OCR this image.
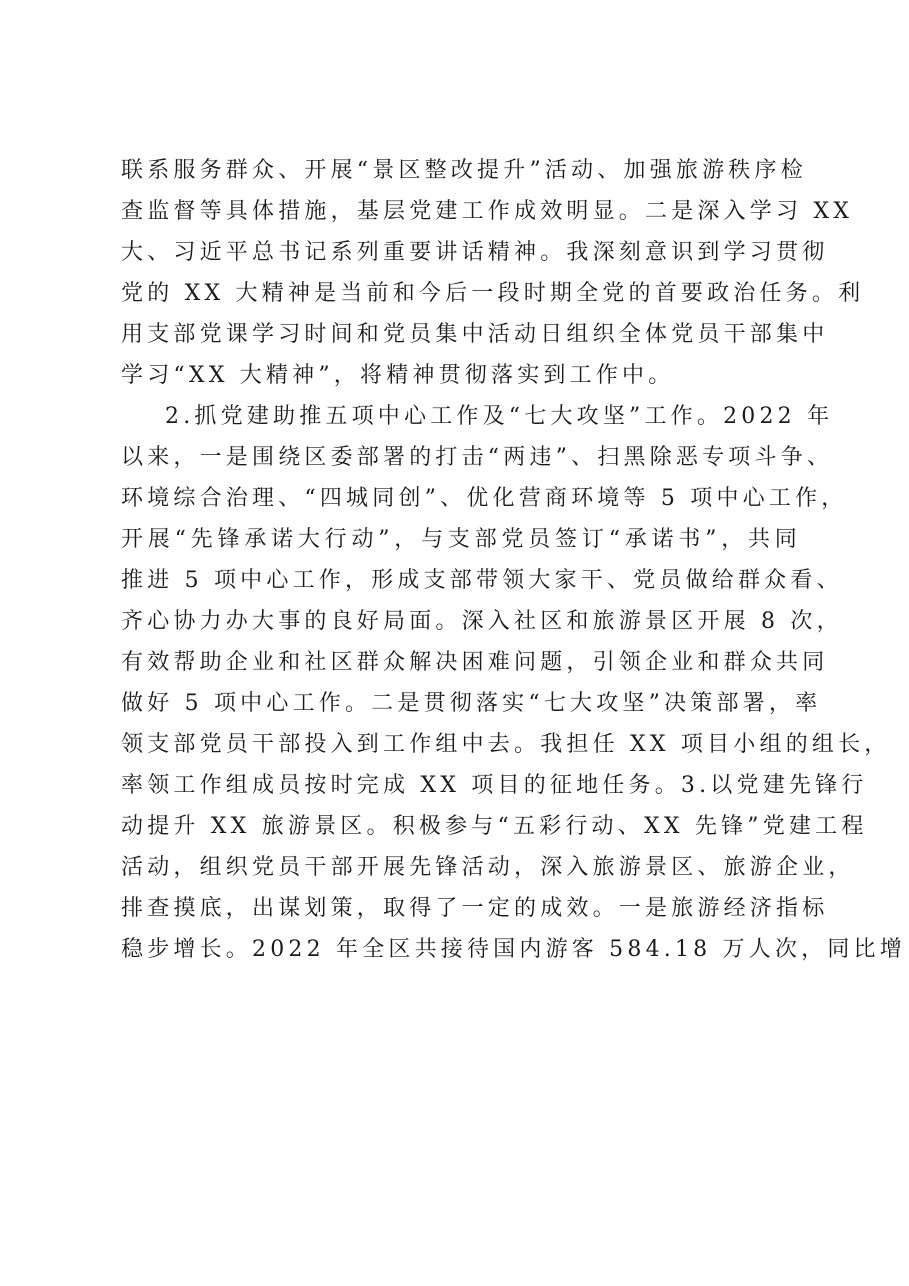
联系服务群众、开展“景区整改提升”活动、加强旅游秩序检
查监督等具体措施，基层党建工作成效明显。二是深入学习 XX
大、习近平总书记系列重要讲话精神。我深刻意识到学习贯彻
党的 XX 大精神是当前和今后一段时期全党的首要政治任务。利
用支部党课学习时间和党员集中活动日组织全体党员干部集中
学习“XX 大精神”，将精神贯彻落实到工作中。
2.抓党建助推五项中心工作及“七大攻坚”工作。2022 年
以来，一是围绕区委部署的打击“两违”、扫黑除恶专项斗争、
环境综合治理、“四城同创”、优化营商环境等 5 项中心工作，
开展“先锋承诺大行动”，与支部党员签订“承诺书”，共同
推进 5 项中心工作，形成支部带领大家干、党员做给群众看、
齐心协力办大事的良好局面。深入社区和旅游景区开展 8 次，
有效帮助企业和社区群众解决困难问题，引领企业和群众共同
做好 5 项中心工作。二是贯彻落实“七大攻坚”决策部署，率
领支部党员干部投入到工作组中去。我担任 XX 项目小组的组长，
率领工作组成员按时完成 XX 项目的征地任务。3.以党建先锋行
动提升 XX 旅游景区。积极参与“五彩行动、XX 先锋”党建工程
活动，组织党员干部开展先锋活动，深入旅游景区、旅游企业，
排查摸底，出谋划策，取得了一定的成效。一是旅游经济指标
稳步增长。2022 年全区共接待国内游客 584.18 万人次，同比增
